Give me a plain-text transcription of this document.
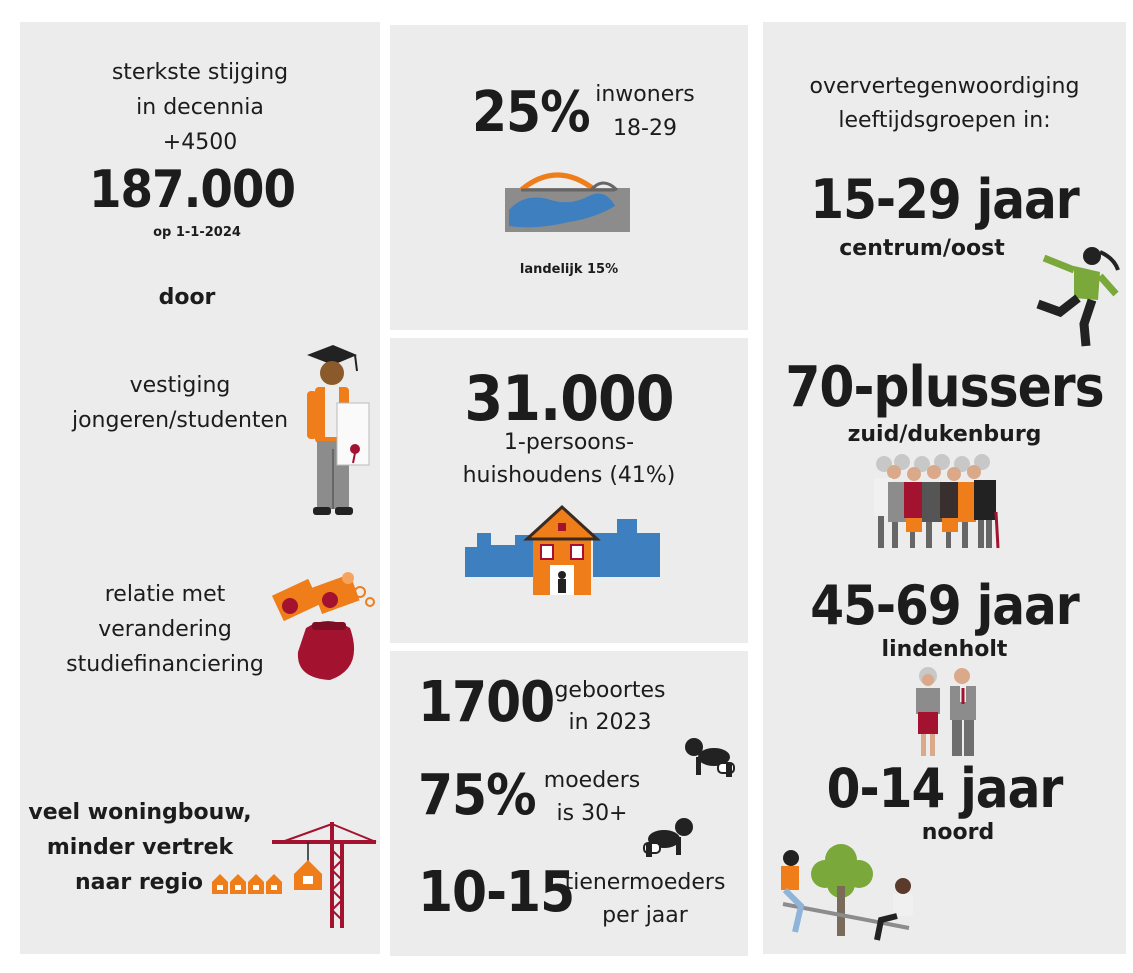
sterkste stijging
in decennia
+4500
187.000
op 1-1-2024
door
vestiging
jongeren/studenten
relatie met
verandering
studiefinanciering
veel woningbouw,
minder vertrek
naar regio
25% inwoners
18-29
landelijk 15%
31.000
1-persoons-
huishoudens (41%)
1700 geboortes
in 2023
75% moeders
is 30+
10-15
tienermoeders
per jaar
oververtegenwoordiging
leeftijdsgroepen in:
15-29 jaar
centrum/oost
70-plussers
zuid/dukenburg
45-69 jaar
lindenholt
0-14 jaar
noord
